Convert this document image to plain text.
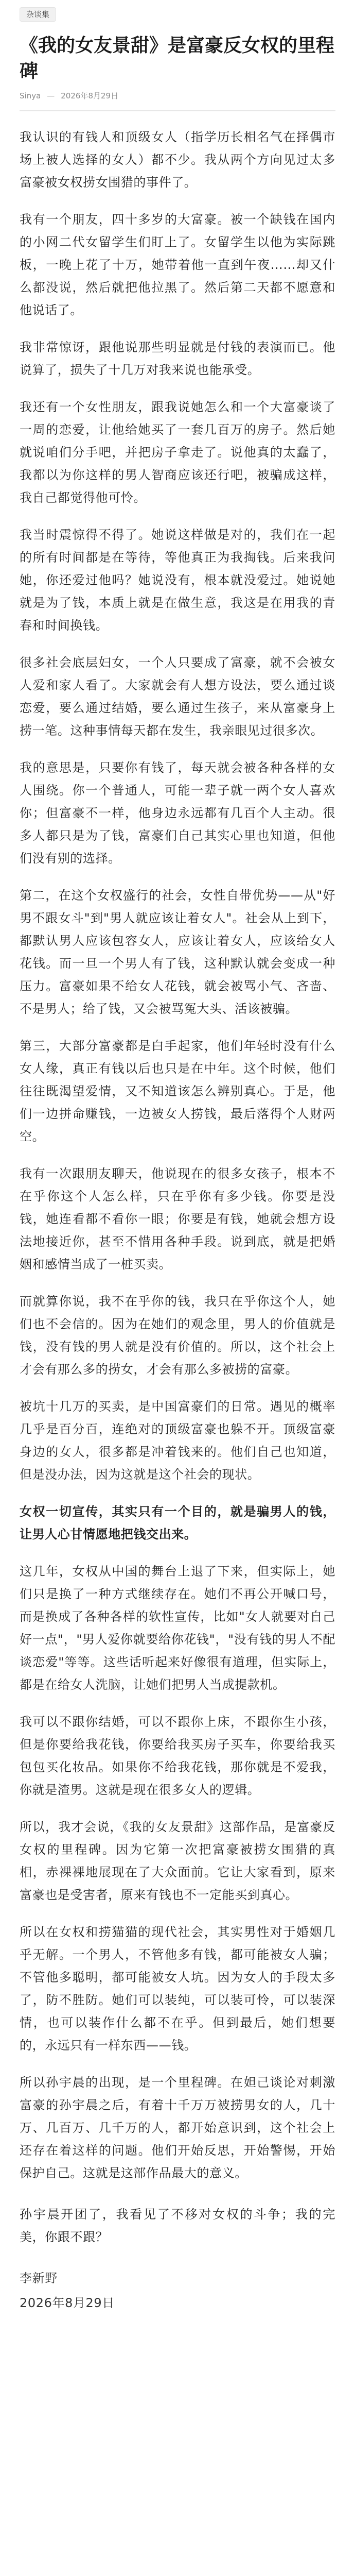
杂谈集
《我的女友景甜》是富豪反女权的里程碑
Sinya — 2026年8月29日

我认识的有钱人和顶级女人（指学历长相名气在择偶市场上被人选择的女人）都不少。我从两个方向见过太多富豪被女权捞女围猎的事件了。

我有一个朋友，四十多岁的大富豪。被一个缺钱在国内的小网二代女留学生们盯上了。女留学生以他为实际跳板，一晚上花了十万，她带着他一直到午夜……却又什么都没说，然后就把他拉黑了。然后第二天都不愿意和他说话了。

我非常惊讶，跟他说那些明显就是付钱的表演而已。他说算了，损失了十几万对我来说也能承受。

我还有一个女性朋友，跟我说她怎么和一个大富豪谈了一周的恋爱，让他给她买了一套几百万的房子。然后她就说咱们分手吧，并把房子拿走了。说他真的太蠢了，我都以为你这样的男人智商应该还行吧，被骗成这样，我自己都觉得他可怜。

我当时震惊得不得了。她说这样做是对的，我们在一起的所有时间都是在等待，等他真正为我掏钱。后来我问她，你还爱过他吗？她说没有，根本就没爱过。她说她就是为了钱，本质上就是在做生意，我这是在用我的青春和时间换钱。

很多社会底层妇女，一个人只要成了富豪，就不会被女人爱和家人看了。大家就会有人想方设法，要么通过谈恋爱，要么通过结婚，要么通过生孩子，来从富豪身上捞一笔。这种事情每天都在发生，我亲眼见过很多次。

我的意思是，只要你有钱了，每天就会被各种各样的女人围绕。你一个普通人，可能一辈子就一两个女人喜欢你；但富豪不一样，他身边永远都有几百个人主动。很多人都只是为了钱，富豪们自己其实心里也知道，但他们没有别的选择。

第二，在这个女权盛行的社会，女性自带优势——从"好男不跟女斗"到"男人就应该让着女人"。社会从上到下，都默认男人应该包容女人，应该让着女人，应该给女人花钱。而一旦一个男人有了钱，这种默认就会变成一种压力。富豪如果不给女人花钱，就会被骂小气、吝啬、不是男人；给了钱，又会被骂冤大头、活该被骗。

第三，大部分富豪都是白手起家，他们年轻时没有什么女人缘，真正有钱以后也只是在中年。这个时候，他们往往既渴望爱情，又不知道该怎么辨别真心。于是，他们一边拼命赚钱，一边被女人捞钱，最后落得个人财两空。

我有一次跟朋友聊天，他说现在的很多女孩子，根本不在乎你这个人怎么样，只在乎你有多少钱。你要是没钱，她连看都不看你一眼；你要是有钱，她就会想方设法地接近你，甚至不惜用各种手段。说到底，就是把婚姻和感情当成了一桩买卖。

而就算你说，我不在乎你的钱，我只在乎你这个人，她们也不会信的。因为在她们的观念里，男人的价值就是钱，没有钱的男人就是没有价值的。所以，这个社会上才会有那么多的捞女，才会有那么多被捞的富豪。

被坑十几万的买卖，是中国富豪们的日常。遇见的概率几乎是百分百，连绝对的顶级富豪也躲不开。顶级富豪身边的女人，很多都是冲着钱来的。他们自己也知道，但是没办法，因为这就是这个社会的现状。

女权一切宣传，其实只有一个目的，就是骗男人的钱，让男人心甘情愿地把钱交出来。

这几年，女权从中国的舞台上退了下来，但实际上，她们只是换了一种方式继续存在。她们不再公开喊口号，而是换成了各种各样的软性宣传，比如"女人就要对自己好一点"，"男人爱你就要给你花钱"，"没有钱的男人不配谈恋爱"等等。这些话听起来好像很有道理，但实际上，都是在给女人洗脑，让她们把男人当成提款机。

我可以不跟你结婚，可以不跟你上床，不跟你生小孩，但是你要给我花钱，你要给我买房子买车，你要给我买包包买化妆品。如果你不给我花钱，那你就是不爱我，你就是渣男。这就是现在很多女人的逻辑。

所以，我才会说，《我的女友景甜》这部作品，是富豪反女权的里程碑。因为它第一次把富豪被捞女围猎的真相，赤裸裸地展现在了大众面前。它让大家看到，原来富豪也是受害者，原来有钱也不一定能买到真心。

所以在女权和捞猫猫的现代社会，其实男性对于婚姻几乎无解。一个男人，不管他多有钱，都可能被女人骗；不管他多聪明，都可能被女人坑。因为女人的手段太多了，防不胜防。她们可以装纯，可以装可怜，可以装深情，也可以装作什么都不在乎。但到最后，她们想要的，永远只有一样东西——钱。

所以孙宇晨的出现，是一个里程碑。在妲己谈论对刺激富豪的孙宇晨之后，有着十千万万被捞男女的人，几十万、几百万、几千万的人，都开始意识到，这个社会上还存在着这样的问题。他们开始反思，开始警惕，开始保护自己。这就是这部作品最大的意义。

孙宇晨开团了，我看见了不移对女权的斗争；我的完美，你跟不跟？

李新野

2026年8月29日
